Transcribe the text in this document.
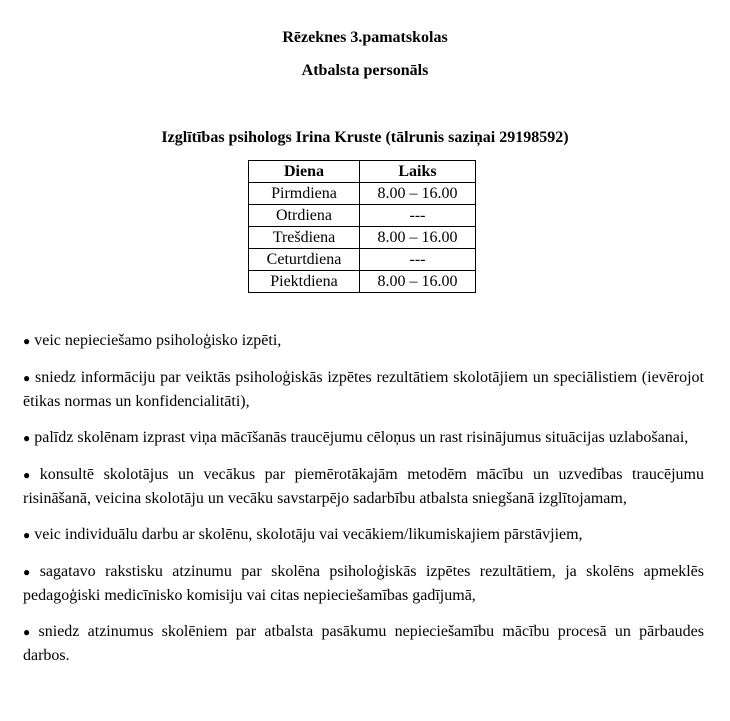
Rēzeknes 3.pamatskolas
Atbalsta personāls
Izglītības psihologs Irina Kruste (tālrunis saziņai 29198592)
Diena	Laiks
Pirmdiena	8.00 – 16.00
Otrdiena	---
Trešdiena	8.00 – 16.00
Ceturtdiena	---
Piektdiena	8.00 – 16.00
● veic nepieciešamo psiholoģisko izpēti,
● sniedz informāciju par veiktās psiholoģiskās izpētes rezultātiem skolotājiem un speciālistiem (ievērojot ētikas normas un konfidencialitāti),
● palīdz skolēnam izprast viņa mācīšanās traucējumu cēloņus un rast risinājumus situācijas uzlabošanai,
● konsultē skolotājus un vecākus par piemērotākajām metodēm mācību un uzvedības traucējumu risināšanā, veicina skolotāju un vecāku savstarpējo sadarbību atbalsta sniegšanā izglītojamam,
● veic individuālu darbu ar skolēnu, skolotāju vai vecākiem/likumiskajiem pārstāvjiem,
● sagatavo rakstisku atzinumu par skolēna psiholoģiskās izpētes rezultātiem, ja skolēns apmeklēs pedagoģiski medicīnisko komisiju vai citas nepieciešamības gadījumā,
● sniedz atzinumus skolēniem par atbalsta pasākumu nepieciešamību mācību procesā un pārbaudes darbos.
